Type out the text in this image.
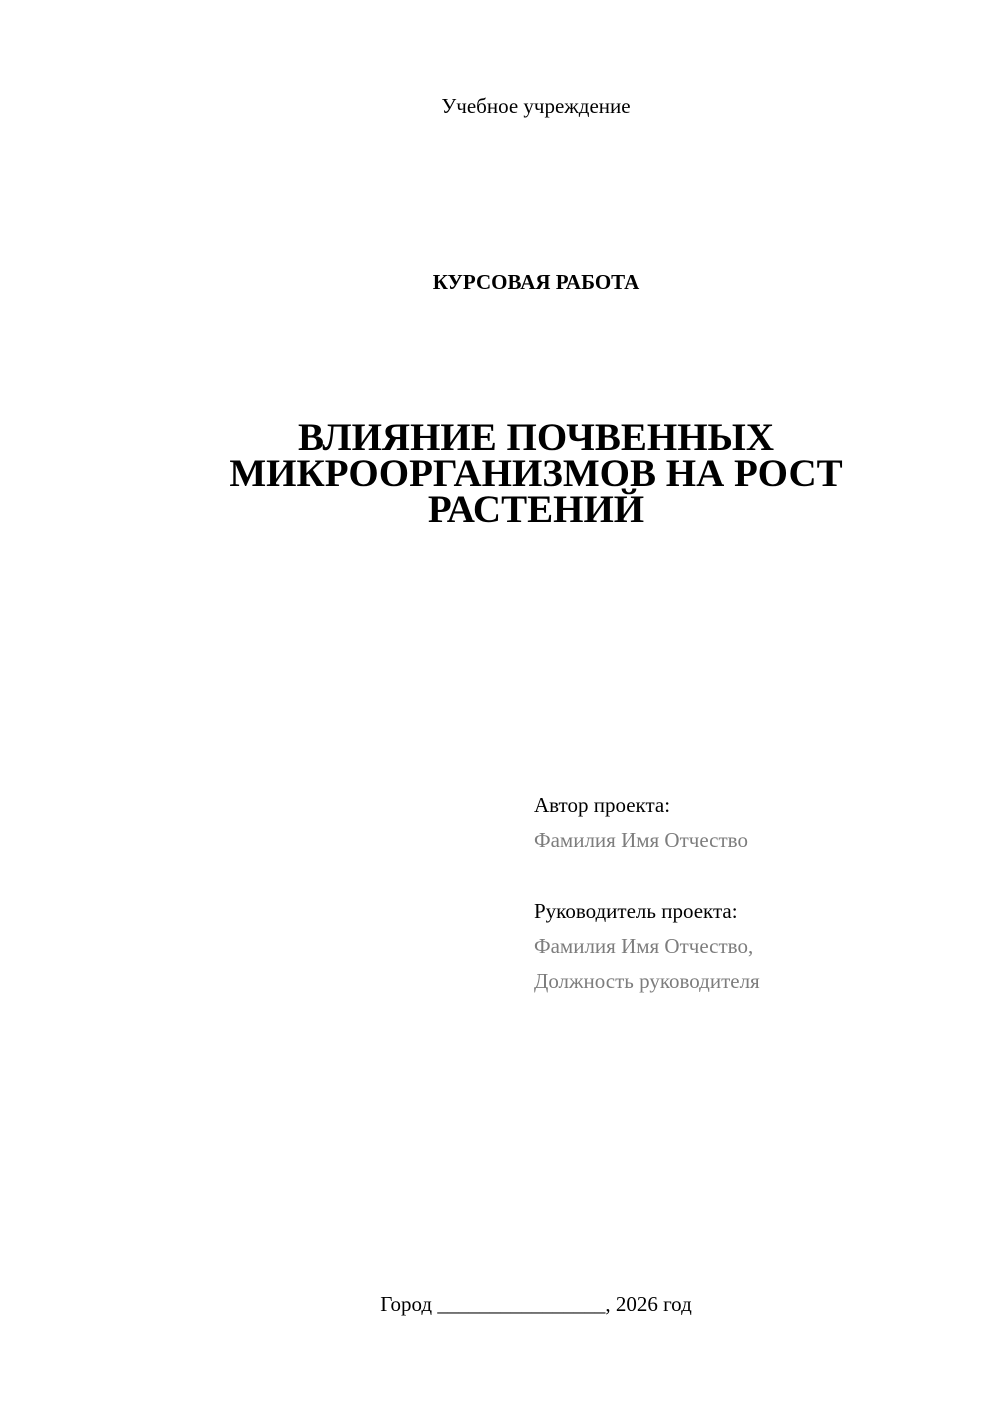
Учебное учреждение
КУРСОВАЯ РАБОТА
ВЛИЯНИЕ ПОЧВЕННЫХ
МИКРООРГАНИЗМОВ НА РОСТ
РАСТЕНИЙ
Автор проекта:
Фамилия Имя Отчество
Руководитель проекта:
Фамилия Имя Отчество,
Должность руководителя
Город ________________, 2026 год
